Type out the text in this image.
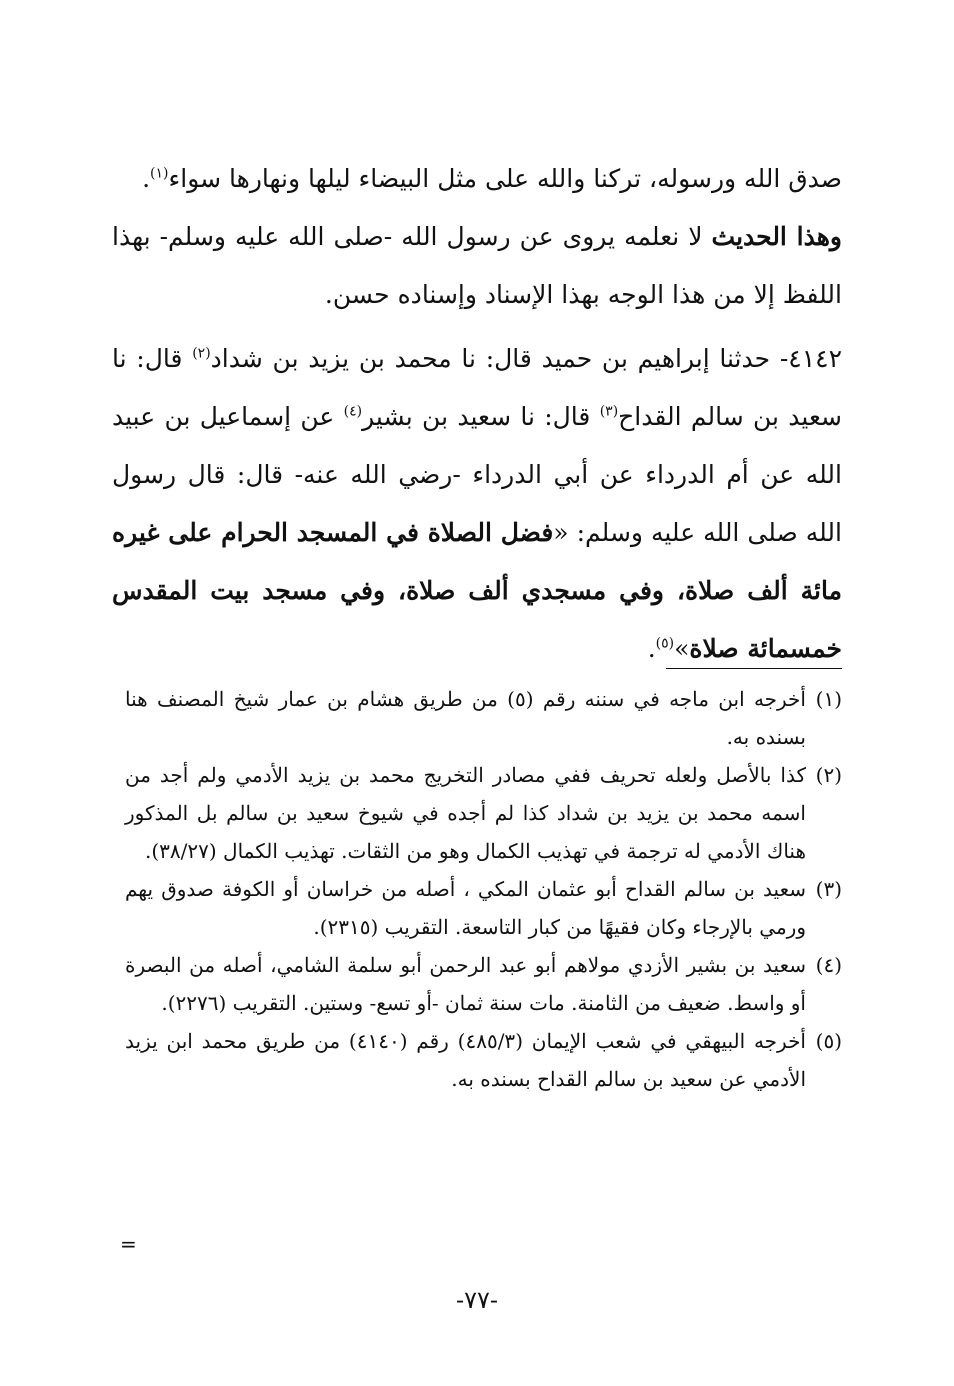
صدق الله ورسوله، تركنا والله على مثل البيضاء ليلها ونهارها سواء$^{(١)}$.

وهذا الحديث لا نعلمه يروى عن رسول الله -صلى الله عليه وسلم- بهذا اللفظ إلا من هذا الوجه بهذا الإسناد وإسناده حسن.

٤١٤٢- حدثنا إبراهيم بن حميد قال: نا محمد بن يزيد بن شداد$^{(٢)}$ قال: نا سعيد بن سالم القداح$^{(٣)}$ قال: نا سعيد بن بشير$^{(٤)}$ عن إسماعيل بن عبيد الله عن أم الدرداء عن أبي الدرداء -رضي الله عنه- قال: قال رسول الله صلى الله عليه وسلم: «فضل الصلاة في المسجد الحرام على غيره مائة ألف صلاة، وفي مسجدي ألف صلاة، وفي مسجد بيت المقدس خمسمائة صلاة»$^{(٥)}$.

(١)
أخرجه ابن ماجه في سننه رقم (٥) من طريق هشام بن عمار شيخ المصنف هنا بسنده به.
(٢)
كذا بالأصل ولعله تحريف ففي مصادر التخريج محمد بن يزيد الأدمي ولم أجد من اسمه محمد بن يزيد بن شداد كذا لم أجده في شيوخ سعيد بن سالم بل المذكور هناك الأدمي له ترجمة في تهذيب الكمال وهو من الثقات. تهذيب الكمال (٣٨/٢٧).
(٣)
سعيد بن سالم القداح أبو عثمان المكي ، أصله من خراسان أو الكوفة صدوق يهم ورمي بالإرجاء وكان فقيهًا من كبار التاسعة. التقريب (٢٣١٥).
(٤)
سعيد بن بشير الأزدي مولاهم أبو عبد الرحمن أبو سلمة الشامي، أصله من البصرة أو واسط. ضعيف من الثامنة. مات سنة ثمان -أو تسع- وستين. التقريب (٢٢٧٦).
(٥)
أخرجه البيهقي في شعب الإيمان (٤٨٥/٣) رقم (٤١٤٠) من طريق محمد ابن يزيد الأدمي عن سعيد بن سالم القداح بسنده به.
=
-٧٧-
